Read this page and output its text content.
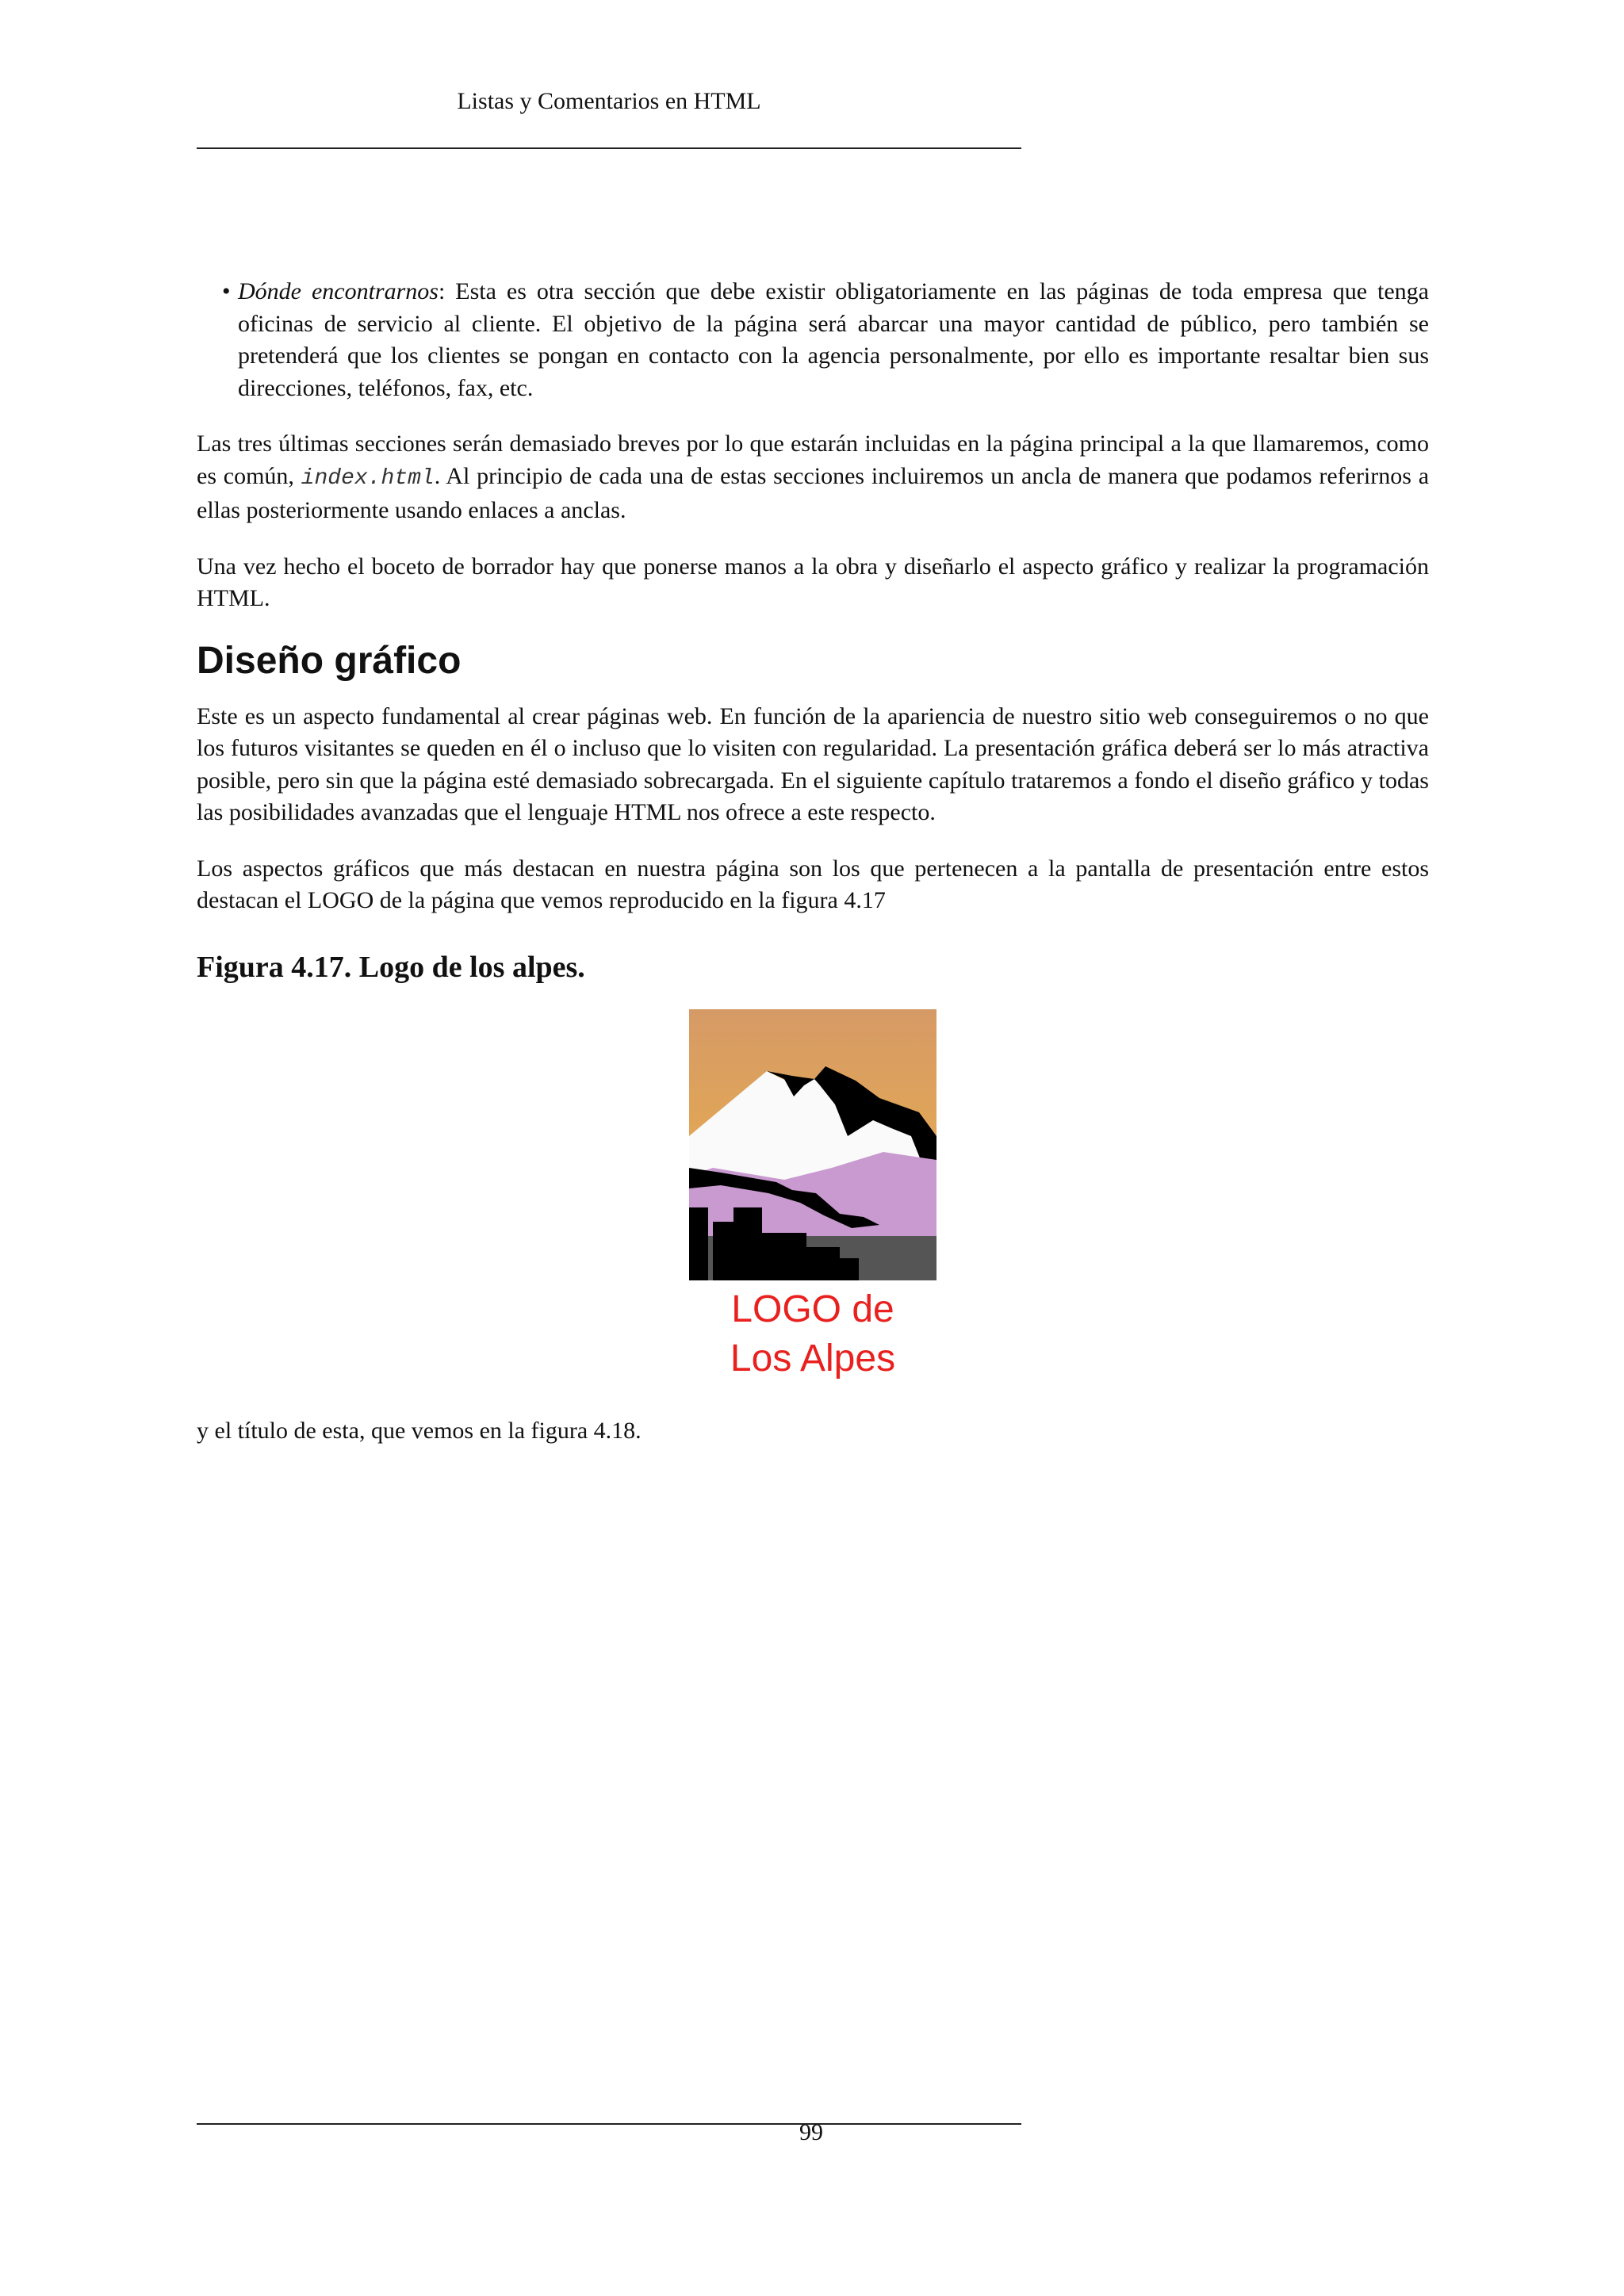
Listas y Comentarios en HTML
• Dónde encontrarnos: Esta es otra sección que debe existir obligatoriamente en las páginas de toda empresa que tenga oficinas de servicio al cliente. El objetivo de la página será abarcar una mayor cantidad de público, pero también se pretenderá que los clientes se pongan en contacto con la agencia personalmente, por ello es importante resaltar bien sus direcciones, teléfonos, fax, etc.

Las tres últimas secciones serán demasiado breves por lo que estarán incluidas en la página principal a la que llamaremos, como es común, index.html. Al principio de cada una de estas secciones incluiremos un ancla de manera que podamos referirnos a ellas posteriormente usando enlaces a anclas.

Una vez hecho el boceto de borrador hay que ponerse manos a la obra y diseñarlo el aspecto gráfico y realizar la programación HTML.

Diseño gráfico

Este es un aspecto fundamental al crear páginas web. En función de la apariencia de nuestro sitio web conseguiremos o no que los futuros visitantes se queden en él o incluso que lo visiten con regularidad. La presentación gráfica deberá ser lo más atractiva posible, pero sin que la página esté demasiado sobrecargada. En el siguiente capítulo trataremos a fondo el diseño gráfico y todas las posibilidades avanzadas que el lenguaje HTML nos ofrece a este respecto.

Los aspectos gráficos que más destacan en nuestra página son los que pertenecen a la pantalla de presentación entre estos destacan el LOGO de la página que vemos reproducido en la figura 4.17

Figura 4.17. Logo de los alpes.
LOGO de
Los Alpes

y el título de esta, que vemos en la figura 4.18.

99
